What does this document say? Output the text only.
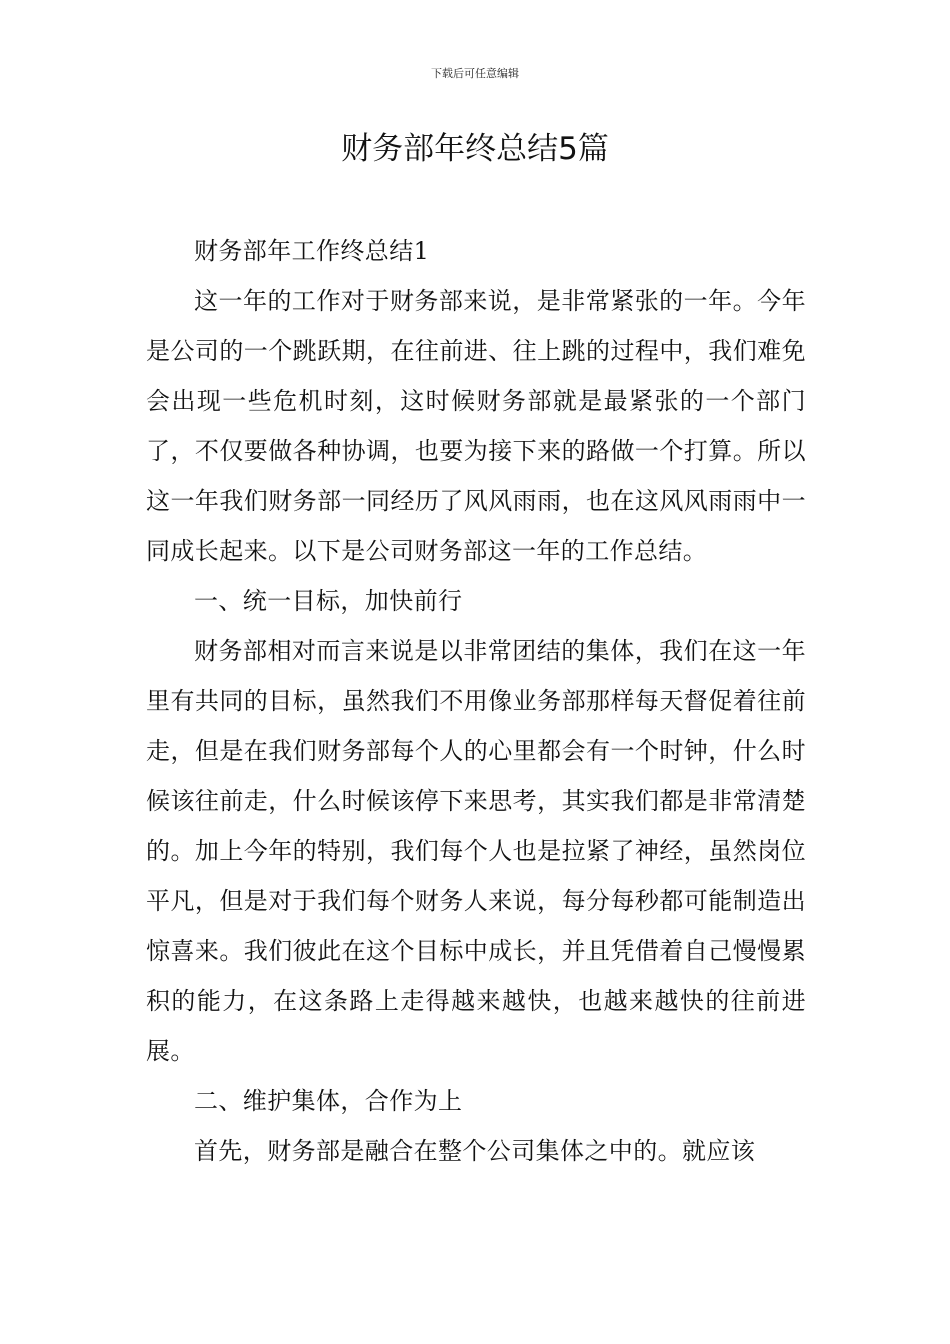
下载后可任意编辑
财务部年终总结5篇

财务部年工作终总结1

这一年的工作对于财务部来说，是非常紧张的一年。今年是公司的一个跳跃期，在往前进、往上跳的过程中，我们难免会出现一些危机时刻，这时候财务部就是最紧张的一个部门了，不仅要做各种协调，也要为接下来的路做一个打算。所以这一年我们财务部一同经历了风风雨雨，也在这风风雨雨中一同成长起来。以下是公司财务部这一年的工作总结。

一、统一目标，加快前行

财务部相对而言来说是以非常团结的集体，我们在这一年里有共同的目标，虽然我们不用像业务部那样每天督促着往前走，但是在我们财务部每个人的心里都会有一个时钟，什么时候该往前走，什么时候该停下来思考，其实我们都是非常清楚的。加上今年的特别，我们每个人也是拉紧了神经，虽然岗位平凡，但是对于我们每个财务人来说，每分每秒都可能制造出惊喜来。我们彼此在这个目标中成长，并且凭借着自己慢慢累积的能力，在这条路上走得越来越快，也越来越快的往前进展。

二、维护集体，合作为上

首先，财务部是融合在整个公司集体之中的。就应该
